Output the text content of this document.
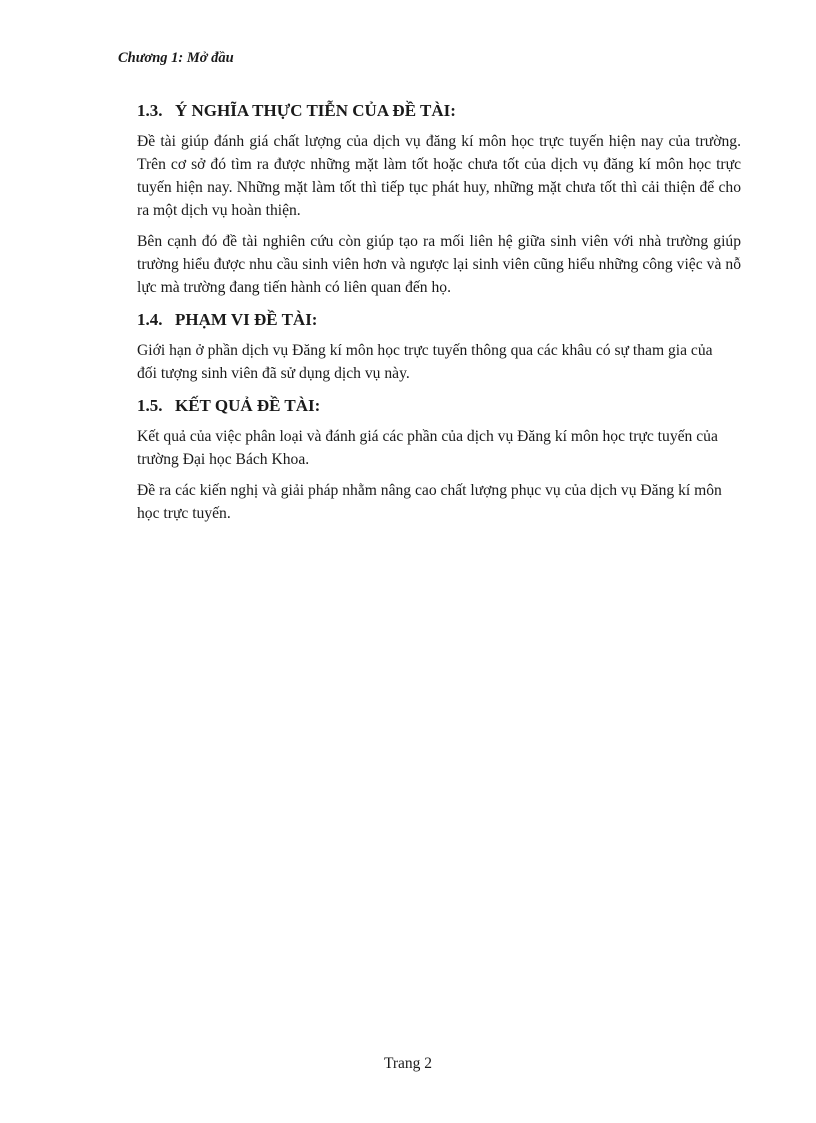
Chương 1: Mở đầu
1.3. Ý NGHĨA THỰC TIỄN CỦA ĐỀ TÀI:

Đề tài giúp đánh giá chất lượng của dịch vụ đăng kí môn học trực tuyến hiện nay của trường. Trên cơ sở đó tìm ra được những mặt làm tốt hoặc chưa tốt của dịch vụ đăng kí môn học trực tuyến hiện nay. Những mặt làm tốt thì tiếp tục phát huy, những mặt chưa tốt thì cải thiện để cho ra một dịch vụ hoàn thiện.

Bên cạnh đó đề tài nghiên cứu còn giúp tạo ra mối liên hệ giữa sinh viên với nhà trường giúp trường hiểu được nhu cầu sinh viên hơn và ngược lại sinh viên cũng hiểu những công việc và nỗ lực mà trường đang tiến hành có liên quan đến họ.

1.4. PHẠM VI ĐỀ TÀI:

Giới hạn ở phần dịch vụ Đăng kí môn học trực tuyến thông qua các khâu có sự tham gia của đối tượng sinh viên đã sử dụng dịch vụ này.

1.5. KẾT QUẢ ĐỀ TÀI:

Kết quả của việc phân loại và đánh giá các phần của dịch vụ Đăng kí môn học trực tuyến của trường Đại học Bách Khoa.

Đề ra các kiến nghị và giải pháp nhằm nâng cao chất lượng phục vụ của dịch vụ Đăng kí môn học trực tuyến.

Trang 2
